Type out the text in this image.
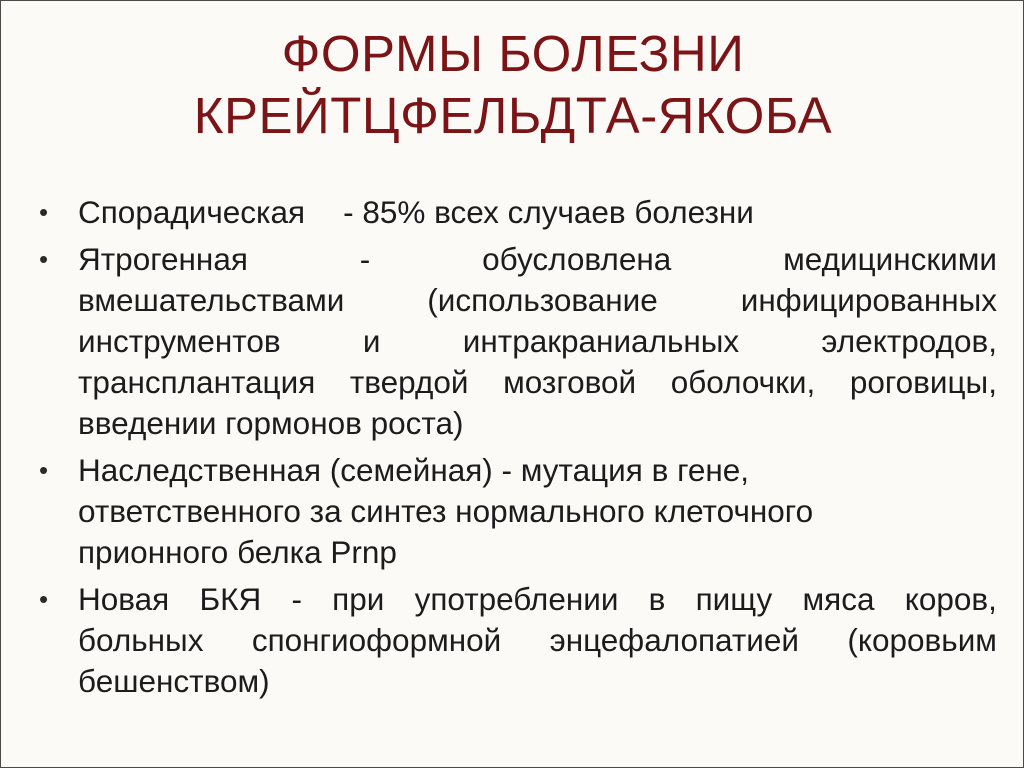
ФОРМЫ БОЛЕЗНИ
КРЕЙТЦФЕЛЬДТА-ЯКОБА
• Спорадическая - 85% всех случаев болезни
• Ятрогенная	-	обусловлена	медицинскими
вмешательствами	(использование	инфицированных
инструментов	и	интракраниальных	электродов,
трансплантация твердой мозговой оболочки, роговицы,
введении гормонов роста)
• Наследственная (семейная) - мутация в гене,
ответственного за синтез нормального клеточного
прионного белка Prnp
• Новая БКЯ - при употреблении в пищу мяса коров,
больных спонгиоформной энцефалопатией (коровьим
бешенством)
